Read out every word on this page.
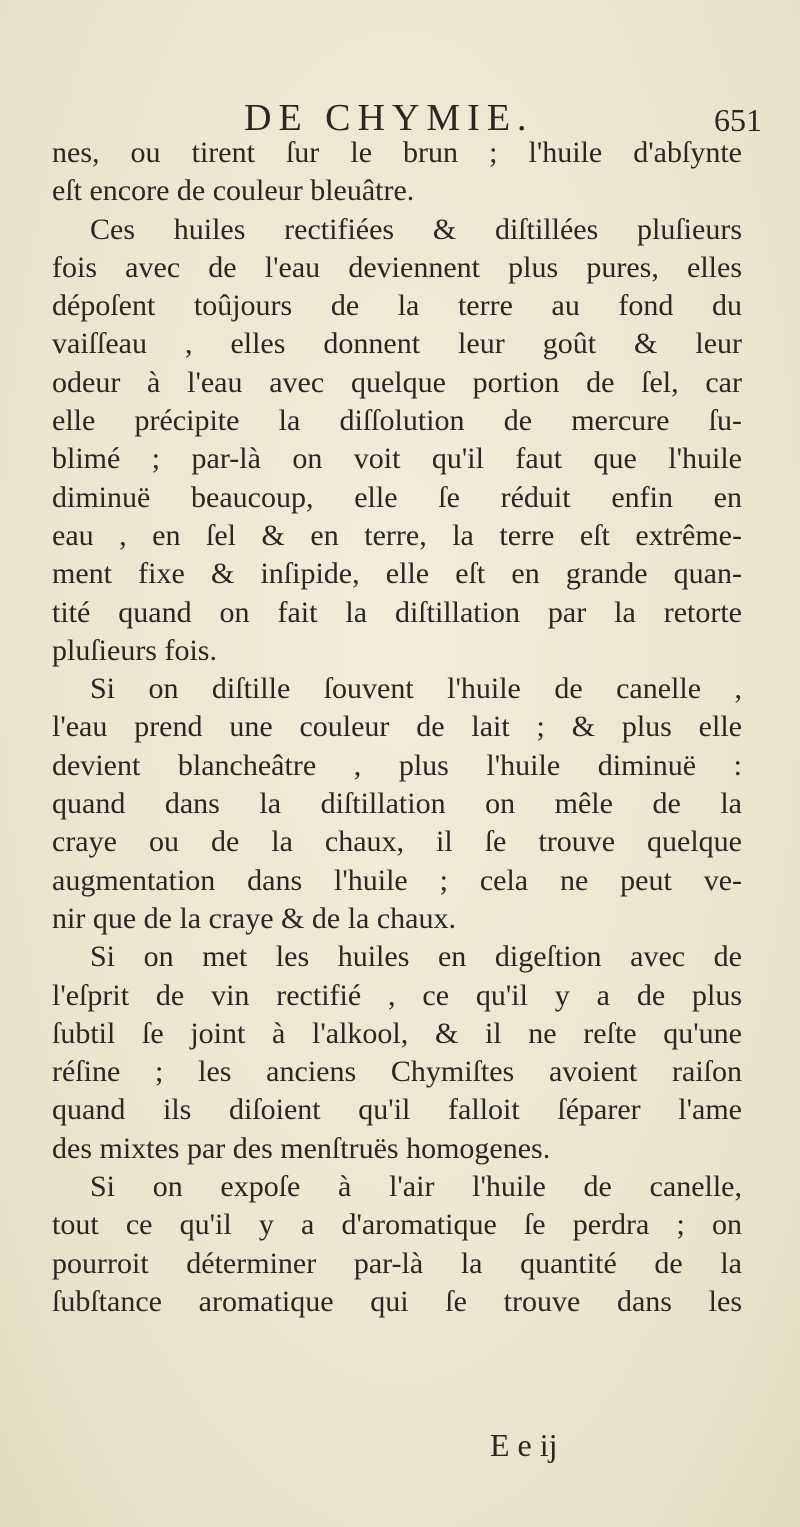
DE CHYMIE.	651
nes, ou tirent ſur le brun ; l'huile d'abſynte
eſt encore de couleur bleuâtre.
Ces huiles rectifiées & diſtillées pluſieurs
fois avec de l'eau deviennent plus pures, elles
dépoſent toûjours de la terre au fond du
vaiſſeau , elles donnent leur goût & leur
odeur à l'eau avec quelque portion de ſel, car
elle précipite la diſſolution de mercure ſu-
blimé ; par-là on voit qu'il faut que l'huile
diminuë beaucoup, elle ſe réduit enfin en
eau , en ſel & en terre, la terre eſt extrême-
ment fixe & inſipide, elle eſt en grande quan-
tité quand on fait la diſtillation par la retorte
pluſieurs fois.
Si on diſtille ſouvent l'huile de canelle ,
l'eau prend une couleur de lait ; & plus elle
devient blancheâtre , plus l'huile diminuë :
quand dans la diſtillation on mêle de la
craye ou de la chaux, il ſe trouve quelque
augmentation dans l'huile ; cela ne peut ve-
nir que de la craye & de la chaux.
Si on met les huiles en digeſtion avec de
l'eſprit de vin rectifié , ce qu'il y a de plus
ſubtil ſe joint à l'alkool, & il ne reſte qu'une
réſine ; les anciens Chymiſtes avoient raiſon
quand ils diſoient qu'il falloit ſéparer l'ame
des mixtes par des menſtruës homogenes.
Si on expoſe à l'air l'huile de canelle,
tout ce qu'il y a d'aromatique ſe perdra ; on
pourroit déterminer par-là la quantité de la
ſubſtance aromatique qui ſe trouve dans les
E e ij
